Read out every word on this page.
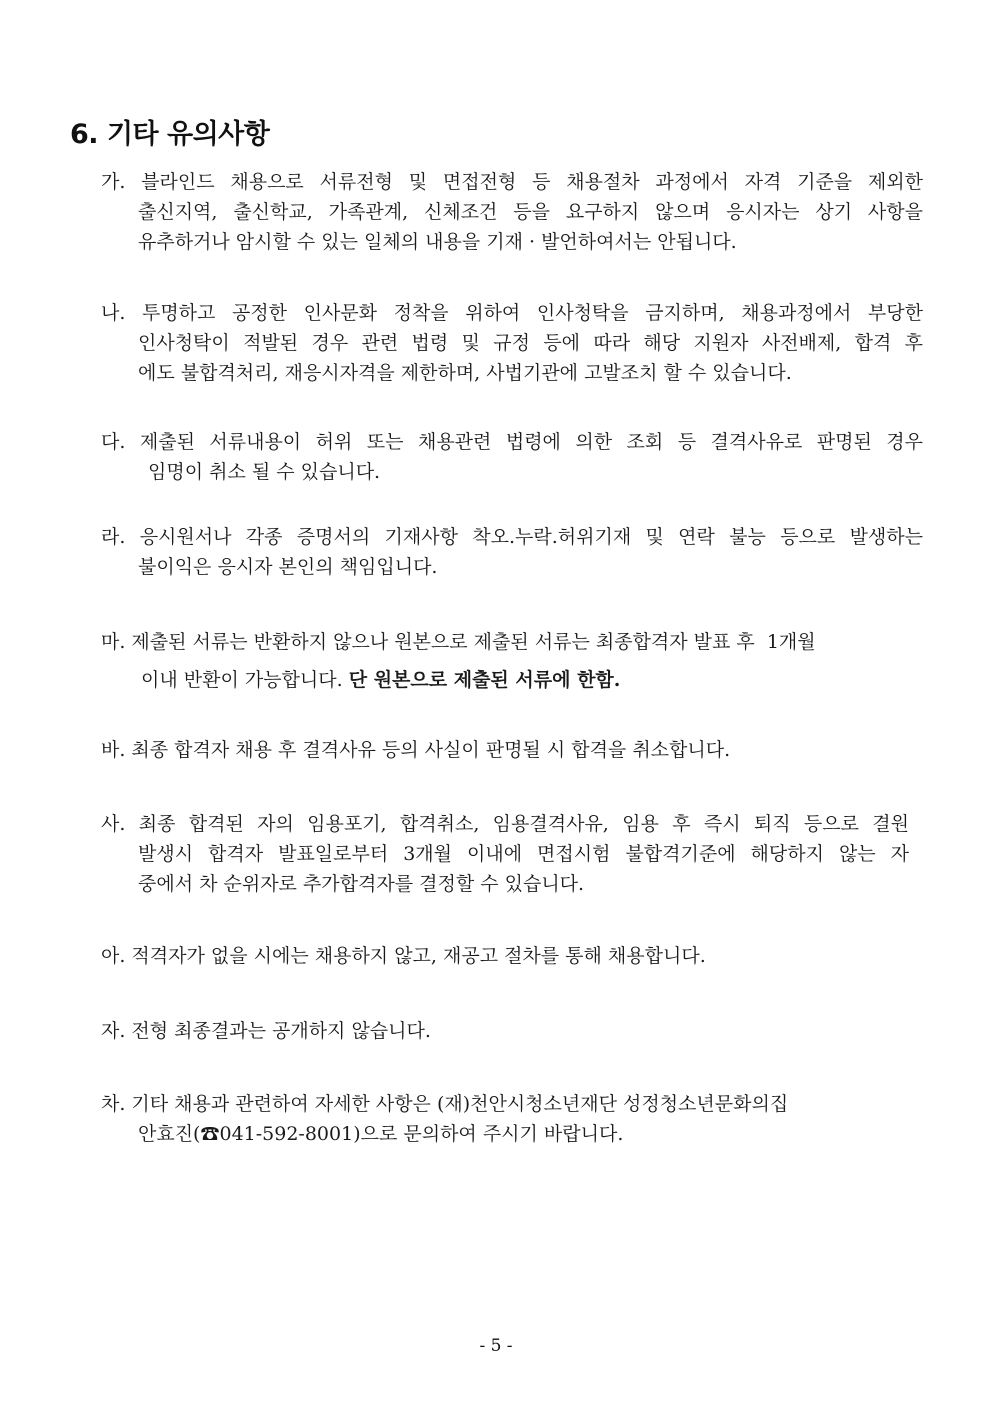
6. 기타 유의사항
가. 블라인드 채용으로 서류전형 및 면접전형 등 채용절차 과정에서 자격 기준을 제외한
출신지역, 출신학교, 가족관계, 신체조건 등을 요구하지 않으며 응시자는 상기 사항을
유추하거나 암시할 수 있는 일체의 내용을 기재 · 발언하여서는 안됩니다.
나. 투명하고 공정한 인사문화 정착을 위하여 인사청탁을 금지하며, 채용과정에서 부당한
인사청탁이 적발된 경우 관련 법령 및 규정 등에 따라 해당 지원자 사전배제, 합격 후
에도 불합격처리, 재응시자격을 제한하며, 사법기관에 고발조치 할 수 있습니다.
다. 제출된 서류내용이 허위 또는 채용관련 법령에 의한 조회 등 결격사유로 판명된 경우
임명이 취소 될 수 있습니다.
라. 응시원서나 각종 증명서의 기재사항 착오.누락.허위기재 및 연락 불능 등으로 발생하는
불이익은 응시자 본인의 책임입니다.
마. 제출된 서류는 반환하지 않으나 원본으로 제출된 서류는 최종합격자 발표 후  1개월
이내 반환이 가능합니다. 단 원본으로 제출된 서류에 한함.
바. 최종 합격자 채용 후 결격사유 등의 사실이 판명될 시 합격을 취소합니다.
사. 최종 합격된 자의 임용포기, 합격취소, 임용결격사유, 임용 후 즉시 퇴직 등으로 결원
발생시 합격자 발표일로부터 3개월 이내에 면접시험 불합격기준에 해당하지 않는 자
중에서 차 순위자로 추가합격자를 결정할 수 있습니다.
아. 적격자가 없을 시에는 채용하지 않고, 재공고 절차를 통해 채용합니다.
자. 전형 최종결과는 공개하지 않습니다.
차. 기타 채용과 관련하여 자세한 사항은 (재)천안시청소년재단 성정청소년문화의집
안효진(☎041-592-8001)으로 문의하여 주시기 바랍니다.
- 5 -
